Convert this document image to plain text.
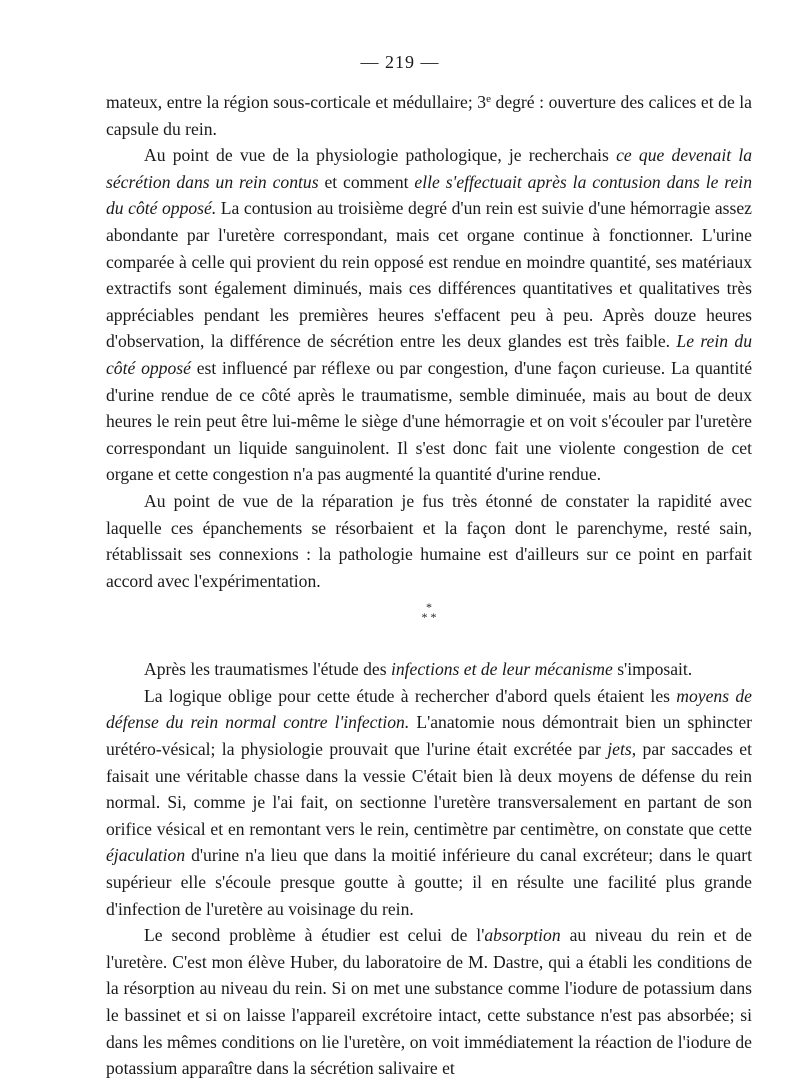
— 219 —

mateux, entre la région sous-corticale et médullaire; 3e degré : ouverture des calices et de la capsule du rein.

Au point de vue de la physiologie pathologique, je recherchais ce que devenait la sécrétion dans un rein contus et comment elle s'effectuait après la contusion dans le rein du côté opposé. La contusion au troisième degré d'un rein est suivie d'une hémorragie assez abondante par l'uretère correspondant, mais cet organe continue à fonctionner. L'urine comparée à celle qui provient du rein opposé est rendue en moindre quantité, ses matériaux extractifs sont également diminués, mais ces différences quantitatives et qualitatives très appréciables pendant les premières heures s'effacent peu à peu. Après douze heures d'observation, la différence de sécrétion entre les deux glandes est très faible. Le rein du côté opposé est influencé par réflexe ou par congestion, d'une façon curieuse. La quantité d'urine rendue de ce côté après le traumatisme, semble diminuée, mais au bout de deux heures le rein peut être lui-même le siège d'une hémorragie et on voit s'écouler par l'uretère correspondant un liquide sanguinolent. Il s'est donc fait une violente congestion de cet organe et cette congestion n'a pas augmenté la quantité d'urine rendue.

Au point de vue de la réparation je fus très étonné de constater la rapidité avec laquelle ces épanchements se résorbaient et la façon dont le parenchyme, resté sain, rétablissait ses connexions : la pathologie humaine est d'ailleurs sur ce point en parfait accord avec l'expérimentation.

*
* *

Après les traumatismes l'étude des infections et de leur mécanisme s'imposait.

La logique oblige pour cette étude à rechercher d'abord quels étaient les moyens de défense du rein normal contre l'infection. L'anatomie nous démontrait bien un sphincter urétéro-vésical; la physiologie prouvait que l'urine était excrétée par jets, par saccades et faisait une véritable chasse dans la vessie C'était bien là deux moyens de défense du rein normal. Si, comme je l'ai fait, on sectionne l'uretère transversalement en partant de son orifice vésical et en remontant vers le rein, centimètre par centimètre, on constate que cette éjaculation d'urine n'a lieu que dans la moitié inférieure du canal excréteur; dans le quart supérieur elle s'écoule presque goutte à goutte; il en résulte une facilité plus grande d'infection de l'uretère au voisinage du rein.

Le second problème à étudier est celui de l'absorption au niveau du rein et de l'uretère. C'est mon élève Huber, du laboratoire de M. Dastre, qui a établi les conditions de la résorption au niveau du rein. Si on met une substance comme l'iodure de potassium dans le bassinet et si on laisse l'appareil excrétoire intact, cette substance n'est pas absorbée; si dans les mêmes conditions on lie l'uretère, on voit immédiatement la réaction de l'iodure de potassium apparaître dans la sécrétion salivaire et
